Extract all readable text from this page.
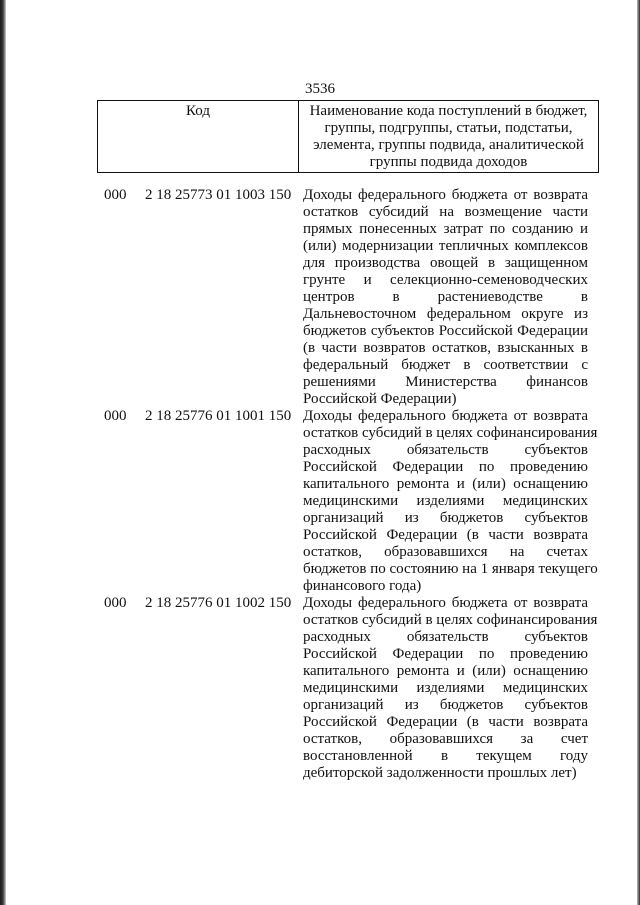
3536
Код	Наименование кода поступлений в бюджет,
группы, подгруппы, статьи, подстатьи,
элемента, группы подвида, аналитической
группы подвида доходов
000 2 18 25773 01 1003 150 Доходы федерального бюджета от возврата
остатков субсидий на возмещение части
прямых понесенных затрат по созданию и
(или) модернизации тепличных комплексов
для производства овощей в защищенном
грунте и селекционно-семеноводческих
центров в растениеводстве в
Дальневосточном федеральном округе из
бюджетов субъектов Российской Федерации
(в части возвратов остатков, взысканных в
федеральный бюджет в соответствии с
решениями Министерства финансов
Российской Федерации)
000 2 18 25776 01 1001 150 Доходы федерального бюджета от возврата
остатков субсидий в целях софинансирования
расходных обязательств субъектов
Российской Федерации по проведению
капитального ремонта и (или) оснащению
медицинскими изделиями медицинских
организаций из бюджетов субъектов
Российской Федерации (в части возврата
остатков, образовавшихся на счетах
бюджетов по состоянию на 1 января текущего
финансового года)
000 2 18 25776 01 1002 150 Доходы федерального бюджета от возврата
остатков субсидий в целях софинансирования
расходных обязательств субъектов
Российской Федерации по проведению
капитального ремонта и (или) оснащению
медицинскими изделиями медицинских
организаций из бюджетов субъектов
Российской Федерации (в части возврата
остатков, образовавшихся за счет
восстановленной в текущем году
дебиторской задолженности прошлых лет)
